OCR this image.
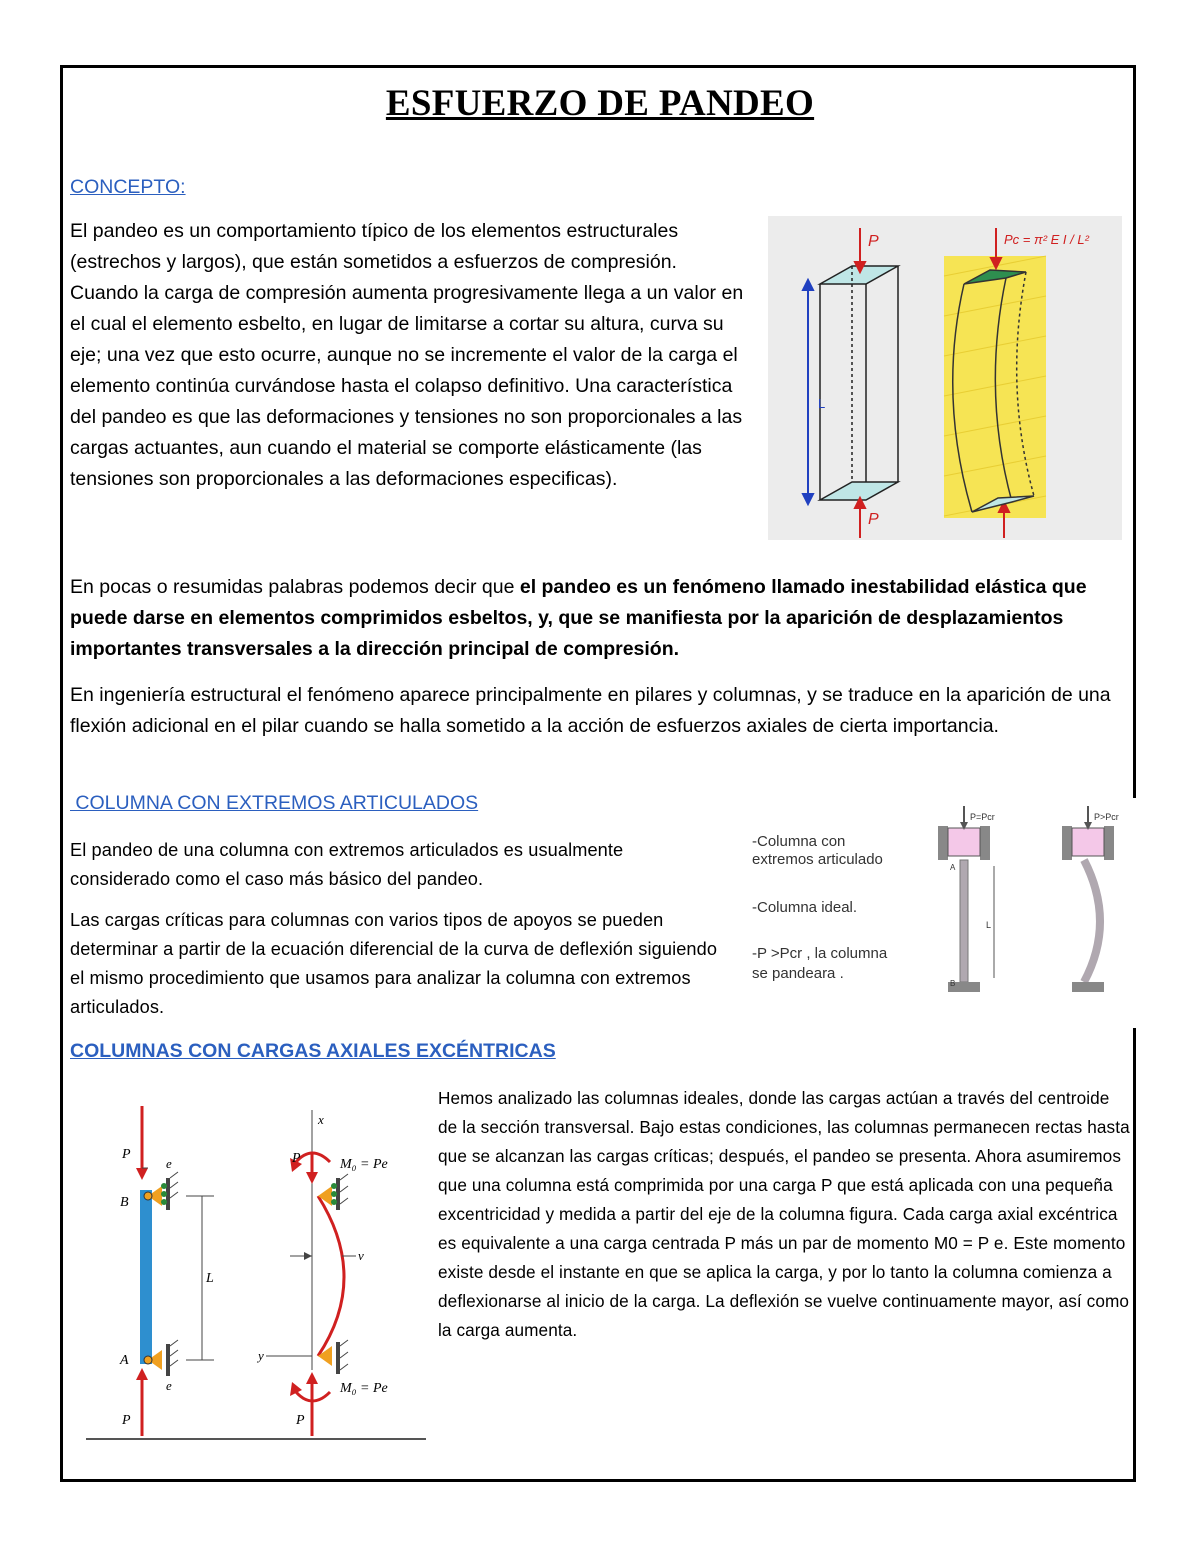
ESFUERZO DE PANDEO
CONCEPTO:

El pandeo es un comportamiento típico de los elementos estructurales (estrechos y largos), que están sometidos a esfuerzos de compresión. Cuando la carga de compresión aumenta progresivamente llega a un valor en el cual el elemento esbelto, en lugar de limitarse a cortar su altura, curva su eje; una vez que esto ocurre, aunque no se incremente el valor de la carga el elemento continúa curvándose hasta el colapso definitivo. Una característica del pandeo es que las deformaciones y tensiones no son proporcionales a las cargas actuantes, aun cuando el material se comporte elásticamente (las tensiones son proporcionales a las deformaciones especificas).

L
P
P
Pc = π² E I / L²

En pocas o resumidas palabras podemos decir que el pandeo es un fenómeno llamado inestabilidad elástica que puede darse en elementos comprimidos esbeltos, y, que se manifiesta por la aparición de desplazamientos importantes transversales a la dirección principal de compresión.

En ingeniería estructural el fenómeno aparece principalmente en pilares y columnas, y se traduce en la aparición de una flexión adicional en el pilar cuando se halla sometido a la acción de esfuerzos axiales de cierta importancia.

COLUMNA CON EXTREMOS ARTICULADOS

El pandeo de una columna con extremos articulados es usualmente considerado como el caso más básico del pandeo.

Las cargas críticas para columnas con varios tipos de apoyos se pueden determinar a partir de la ecuación diferencial de la curva de deflexión siguiendo el mismo procedimiento que usamos para analizar la columna con extremos articulados.

-Columna con
extremos articulado
-Columna ideal.
-P >Pcr , la columna
se pandeara .
P=Pcr
A
B
L
P>Pcr
COLUMNAS CON CARGAS AXIALES EXCÉNTRICAS

Hemos analizado las columnas ideales, donde las cargas actúan a través del centroide de la sección transversal. Bajo estas condiciones, las columnas permanecen rectas hasta que se alcanzan las cargas críticas; después, el pandeo se presenta. Ahora asumiremos que una columna está comprimida por una carga P que está aplicada con una pequeña excentricidad y medida a partir del eje de la columna figura. Cada carga axial excéntrica es equivalente a una carga centrada P más un par de momento M0 = P e. Este momento existe desde el instante en que se aplica la carga, y por lo tanto la columna comienza a deflexionarse al inicio de la carga. La deflexión se vuelve continuamente mayor, así como la carga aumenta.

P
e
B
L
A
e
P
x
P	M₀ = Pe
v
y
M₀ = Pe
P
